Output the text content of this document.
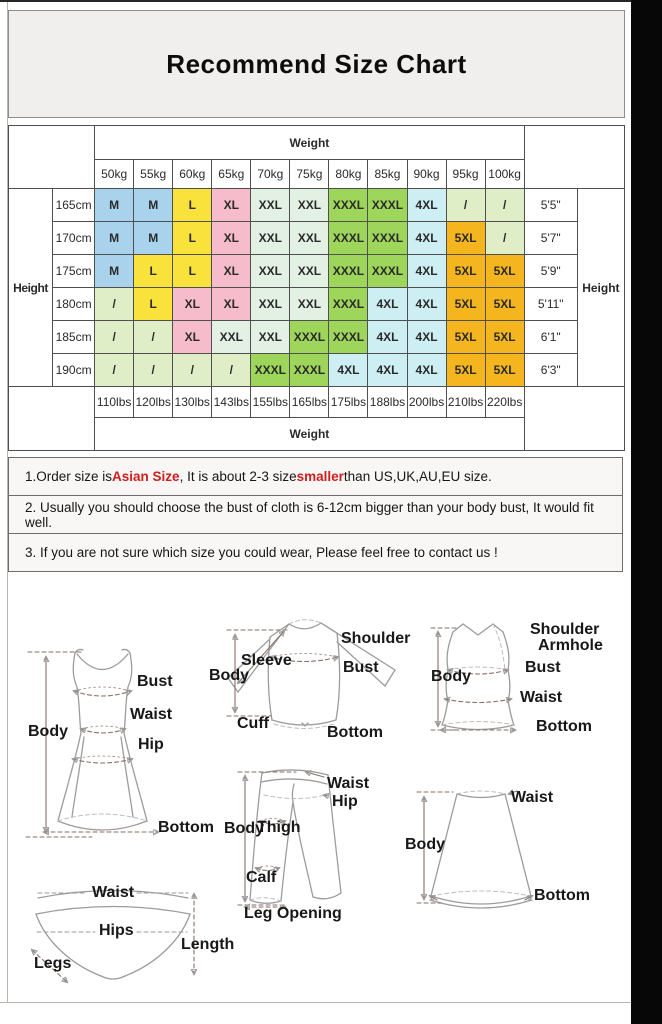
Recommend Size Chart
		Weight												
		50kg	55kg	60kg	65kg	70kg	75kg	80kg	85kg	90kg	95kg	100kg		
Height	165cm	M	M	L	XL	XXL	XXL	XXXL	XXXL	4XL	/	/	5'5"	Height
	170cm	M	M	L	XL	XXL	XXL	XXXL	XXXL	4XL	5XL	/	5'7"	
	175cm	M	L	L	XL	XXL	XXL	XXXL	XXXL	4XL	5XL	5XL	5'9"	
	180cm	/	L	XL	XL	XXL	XXL	XXXL	4XL	4XL	5XL	5XL	5'11"	
	185cm	/	/	XL	XXL	XXL	XXXL	XXXL	4XL	4XL	5XL	5XL	6'1"	
	190cm	/	/	/	/	XXXL	XXXL	4XL	4XL	4XL	5XL	5XL	6'3"	
		110lbs	120lbs	130lbs	143lbs	155lbs	165lbs	175lbs	188lbs	200lbs	210lbs	220lbs		
		Weight												
1.Order size is Asian Size , It is about 2-3 size smaller than US,UK,AU,EU size.
2. Usually you should choose the bust of cloth is 6-12cm bigger than your body bust, It would fit well.
3. If you are not sure which size you could wear, Please feel free to contact us !
Bust
Waist
Body
Hip
Bottom
Shoulder
Sleeve
Body	Bust
Cuff
Bottom
Shoulder
Armhole
Bust
Body
Waist
Bottom
Waist
Hip
Body
Thigh
Calf
Leg Opening
Waist
Body
Bottom
Waist
Hips
Length
Legs
